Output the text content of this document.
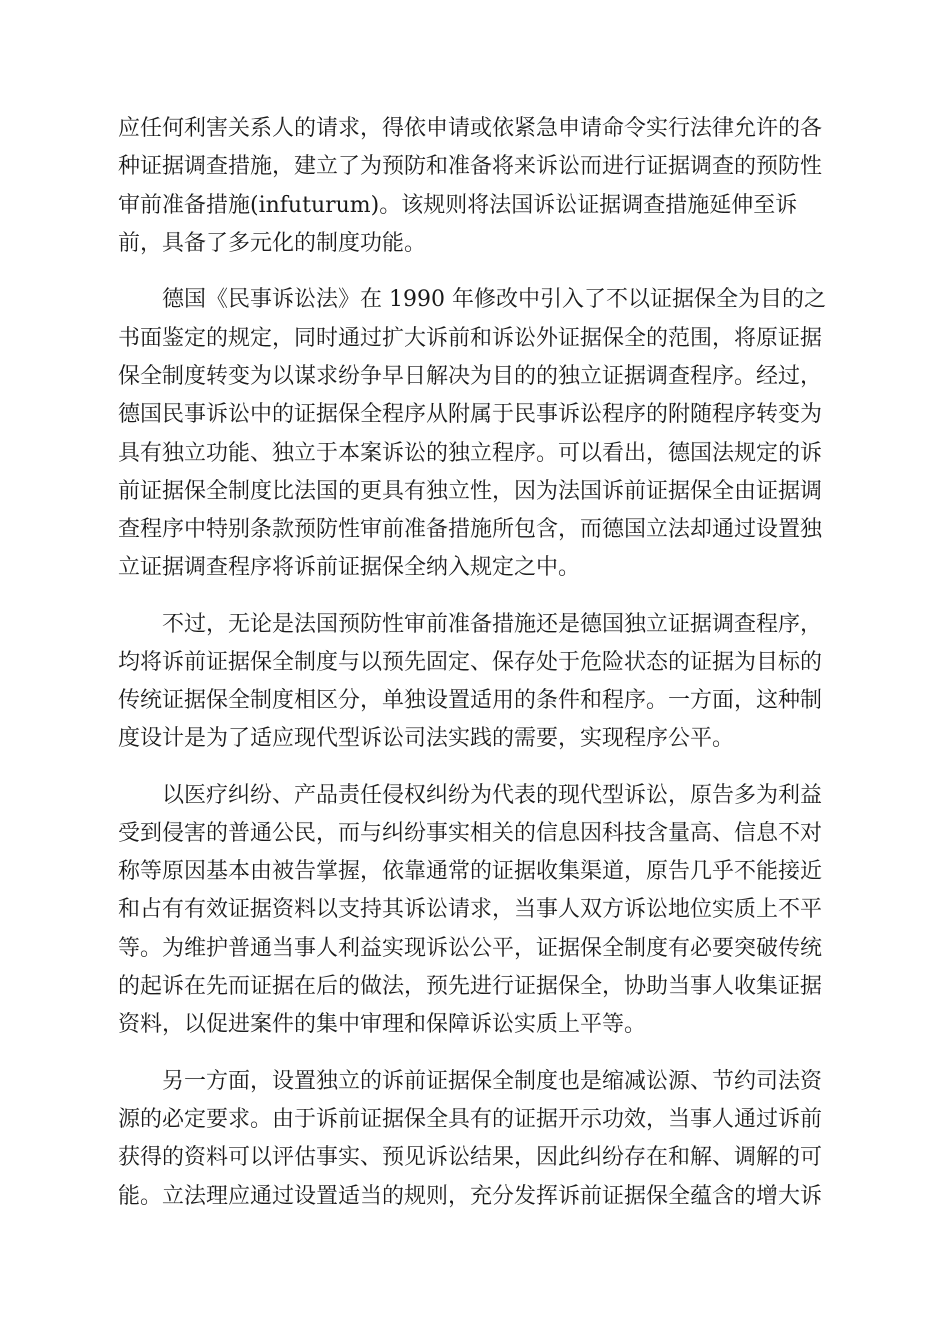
应任何利害关系人的请求，得依申请或依紧急申请命令实行法律允许的各
种证据调查措施，建立了为预防和准备将来诉讼而进行证据调查的预防性
审前准备措施(infuturum)。该规则将法国诉讼证据调查措施延伸至诉
前，具备了多元化的制度功能。
德国《民事诉讼法》在 1990 年修改中引入了不以证据保全为目的之
书面鉴定的规定，同时通过扩大诉前和诉讼外证据保全的范围，将原证据
保全制度转变为以谋求纷争早日解决为目的的独立证据调查程序。经过，
德国民事诉讼中的证据保全程序从附属于民事诉讼程序的附随程序转变为
具有独立功能、独立于本案诉讼的独立程序。可以看出，德国法规定的诉
前证据保全制度比法国的更具有独立性，因为法国诉前证据保全由证据调
查程序中特别条款预防性审前准备措施所包含，而德国立法却通过设置独
立证据调查程序将诉前证据保全纳入规定之中。
不过，无论是法国预防性审前准备措施还是德国独立证据调查程序，
均将诉前证据保全制度与以预先固定、保存处于危险状态的证据为目标的
传统证据保全制度相区分，单独设置适用的条件和程序。一方面，这种制
度设计是为了适应现代型诉讼司法实践的需要，实现程序公平。
以医疗纠纷、产品责任侵权纠纷为代表的现代型诉讼，原告多为利益
受到侵害的普通公民，而与纠纷事实相关的信息因科技含量高、信息不对
称等原因基本由被告掌握，依靠通常的证据收集渠道，原告几乎不能接近
和占有有效证据资料以支持其诉讼请求，当事人双方诉讼地位实质上不平
等。为维护普通当事人利益实现诉讼公平，证据保全制度有必要突破传统
的起诉在先而证据在后的做法，预先进行证据保全，协助当事人收集证据
资料，以促进案件的集中审理和保障诉讼实质上平等。
另一方面，设置独立的诉前证据保全制度也是缩减讼源、节约司法资
源的必定要求。由于诉前证据保全具有的证据开示功效，当事人通过诉前
获得的资料可以评估事实、预见诉讼结果，因此纠纷存在和解、调解的可
能。立法理应通过设置适当的规则，充分发挥诉前证据保全蕴含的增大诉
